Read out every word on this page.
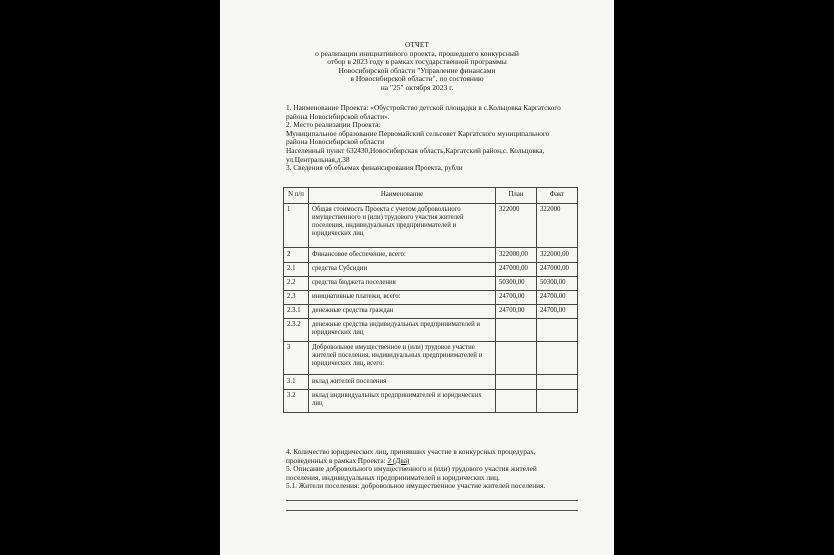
ОТЧЕТ
о реализации инициативного проекта, прошедшего конкурсный
отбор в 2023 году в рамках государственной программы
Новосибирской области "Управление финансами
в Новосибирской области", по состоянию
на "25" октября 2023 г.
1. Наименование Проекта: «Обустройство детской площадки в с.Кольцовка Каргатского
района Новосибирской области».
2. Место реализации Проекта:
Муниципальное образование Первомайский сельсовет Каргатского муниципального
района Новосибирской области
Населенный пункт 632430,Новосибирская область,Каргатский район,с. Кольцовка,
ул.Центральная,д.38
3. Сведения об объемах финансирования Проекта, рубли
N п/п	Наименование	План	Факт
1	Общая стоимость Проекта с учетом добровольного имущественного и (или) трудового участия жителей поселения, индивидуальных предпринимателей и юридических лиц	322000	322000
2	Финансовое обеспечение, всего:	322000,00	322000,00
2.1	средства Субсидии	247000,00	247000,00
2.2	средства бюджета поселения	50300,00	50300,00
2.3	инициативные платежи, всего:	24700,00	24700,00
2.3.1	денежные средства граждан	24700,00	24700,00
2.3.2	денежные средства индивидуальных предпринимателей и юридических лиц		
3	Добровольное имущественное и (или) трудовое участие жителей поселения, индивидуальных предпринимателей и юридических лиц, всего:		
3.1	вклад жителей поселения		
3.2	вклад индивидуальных предпринимателей и юридических лиц		
4. Количество юридических лиц, принявших участие в конкурсных процедурах,
проведенных в рамках Проекта: 2 (Два)
5. Описание добровольного имущественного и (или) трудового участия жителей
поселения, индивидуальных предпринимателей и юридических лиц.
5.1. Жители поселения: добровольное имущественное участие жителей поселения.
